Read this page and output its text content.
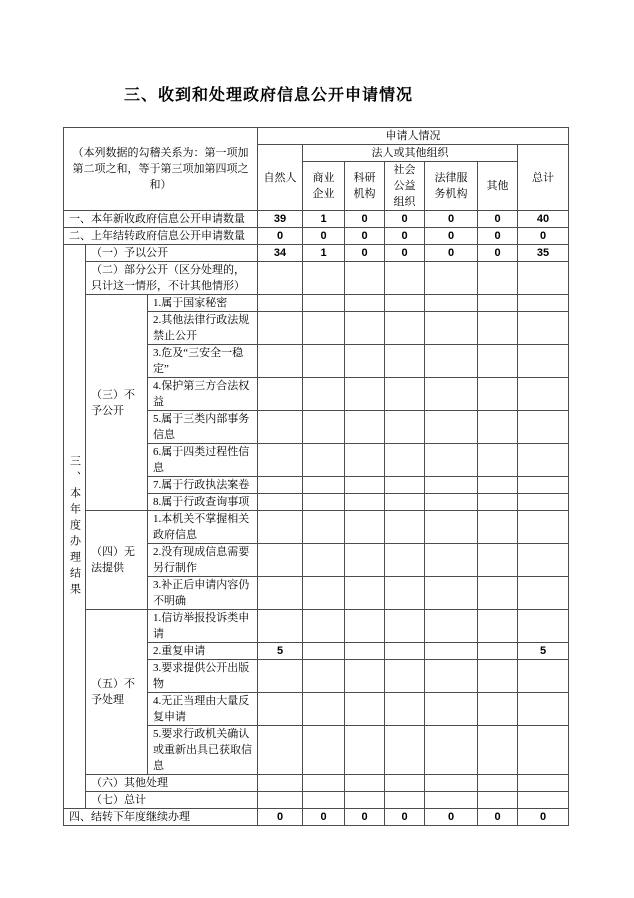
三、收到和处理政府信息公开申请情况
（本列数据的勾稽关系为：第一项加第二项之和，等于第三项加第四项之和）			申请人情况						
			自然人	法人或其他组织					总计
				商业企业	科研机构	社会公益组织	法律服务机构	其他	
一、本年新收政府信息公开申请数量			39	1	0	0	0	0	40
二、上年结转政府信息公开申请数量			0	0	0	0	0	0	0
三、本年度办理结果	（一）予以公开		34	1	0	0	0	0	35
	（二）部分公开（区分处理的，只计这一情形，不计其他情形）								
	（三）不予公开	1.属于国家秘密							
		2.其他法律行政法规禁止公开							
		3.危及“三安全一稳定”							
		4.保护第三方合法权益							
		5.属于三类内部事务信息							
		6.属于四类过程性信息							
		7.属于行政执法案卷							
		8.属于行政查询事项							
	（四）无法提供	1.本机关不掌握相关政府信息							
		2.没有现成信息需要另行制作							
		3.补正后申请内容仍不明确							
	（五）不予处理	1.信访举报投诉类申请							
		2.重复申请	5						5
		3.要求提供公开出版物							
		4.无正当理由大量反复申请							
		5.要求行政机关确认或重新出具已获取信息							
	（六）其他处理								
	（七）总计								
四、结转下年度继续办理			0	0	0	0	0	0	0
